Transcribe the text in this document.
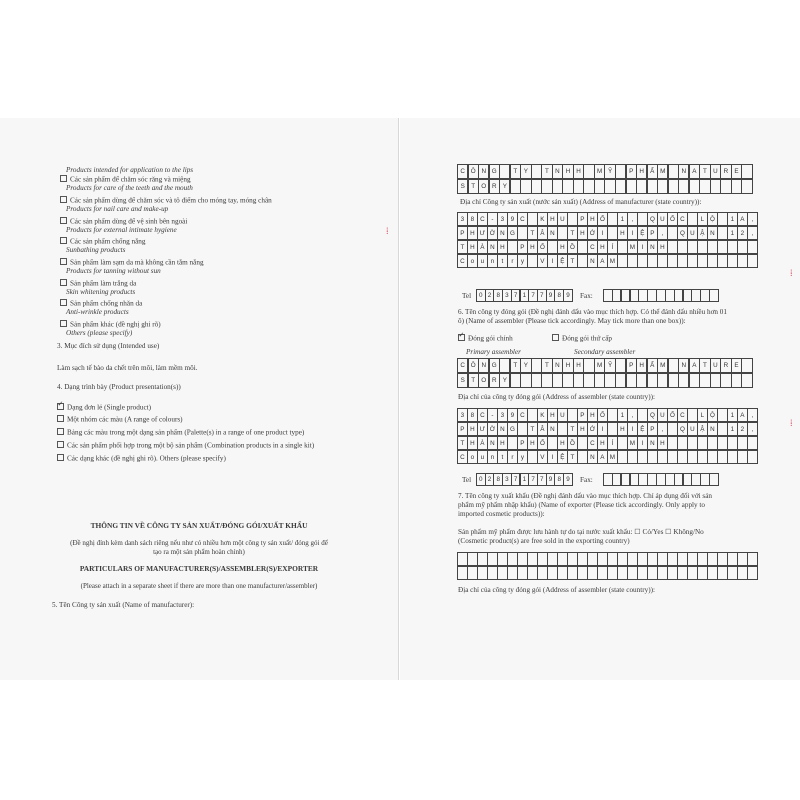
Products intended for application to the lips
Các sản phẩm để chăm sóc răng và miệng
Products for care of the teeth and the mouth
Các sản phẩm dùng để chăm sóc và tô điểm cho móng tay, móng chân
Products for nail care and make-up
Các sản phẩm dùng để vệ sinh bên ngoài
Products for external intimate hygiene
Các sản phẩm chống nắng
Sunbathing products
Sản phẩm làm sạm da mà không cần tắm nắng
Products for tanning without sun
Sản phẩm làm trắng da
Skin whitening products
Sản phẩm chống nhăn da
Anti-wrinkle products
Sản phẩm khác (đề nghị ghi rõ)
Others (please specify)
3. Mục đích sử dụng (Intended use)
Làm sạch tế bào da chết trên môi, làm mềm môi.
4. Dạng trình bày (Product presentation(s))
✓Dạng đơn lẻ (Single product)
Một nhóm các màu (A range of colours)
Bảng các màu trong một dạng sản phẩm (Palette(s) in a range of one product type)
Các sản phẩm phối hợp trong một bộ sản phẩm (Combination products in a single kit)
Các dạng khác (đề nghị ghi rõ). Others (please specify)
THÔNG TIN VỀ CÔNG TY SẢN XUẤT/ĐÓNG GÓI/XUẤT KHẨU
(Đề nghị đính kèm danh sách riêng nếu như có nhiều hơn một công ty sản xuất/ đóng gói để
tạo ra một sản phẩm hoàn chỉnh)
PARTICULARS OF MANUFACTURER(S)/ASSEMBLER(S)/EXPORTER
(Please attach in a separate sheet if there are more than one manufacturer/assembler)
5. Tên Công ty sản xuất (Name of manufacturer):
C Ô N G	T	Y	T	N H H	M Ỹ	P H Ẩ M	N A	T	U R E
S	T O R Y
Địa chỉ Công ty sản xuất (nước sản xuất) (Address of manufacturer (state country)):
3	8 C	-	3	9 C	K H U	P H Ố	1	,	Q U Ố C	L Ộ	1 A	,
P H Ư Ờ N G	T Â N	T H Ớ	I	H	I	Ệ P	,	Q U Ậ N	1	2	,
T H À N H	P H Ố	H Ồ	C H	Í	M	I	N H
C o	u	n	t	r	y	V	I	Ệ T	N A M
Tel	0 2 8 3 7 1 7 7 9 8 9	Fax:
6. Tên công ty đóng gói (Đề nghị đánh dấu vào mục thích hợp. Có thể đánh dấu nhiều hơn 01
ô) (Name of assembler (Please tick accordingly. May tick more than one box)):
✓Đóng gói chính	Đóng gói thứ cấp
Primary assembler	Secondary assembler
C Ô N G	T	Y	T	N H H	M Ỹ	P H Ẩ M	N A	T	U R E
S	T O R Y
Địa chỉ của công ty đóng gói (Address of assembler (state country)):
3	8 C	-	3	9 C	K H U	P H Ố	1	,	Q U Ố C	L Ộ	1 A	,
P H Ư Ờ N G	T Â N	T H Ớ	I	H	I	Ệ P	,	Q U Ậ N	1	2	,
T H À N H	P H Ố	H Ồ	C H	Í	M	I	N H
C o	u	n	t	r	y	V	I	Ệ T	N A M
Tel	0 2 8 3 7 1 7 7 9 8 9	Fax:
7. Tên công ty xuất khẩu (Đề nghị đánh dấu vào mục thích hợp. Chỉ áp dụng đối với sản
phẩm mỹ phẩm nhập khẩu) (Name of exporter (Please tick accordingly. Only apply to
imported cosmetic products)):
Sản phẩm mỹ phẩm được lưu hành tự do tại nước xuất khẩu: ☐ Có/Yes ☐ Không/No
(Cosmetic product(s) are free sold in the exporting country)
Địa chỉ của công ty đóng gói (Address of assembler (state country)):
⁞
⁞
⁞
